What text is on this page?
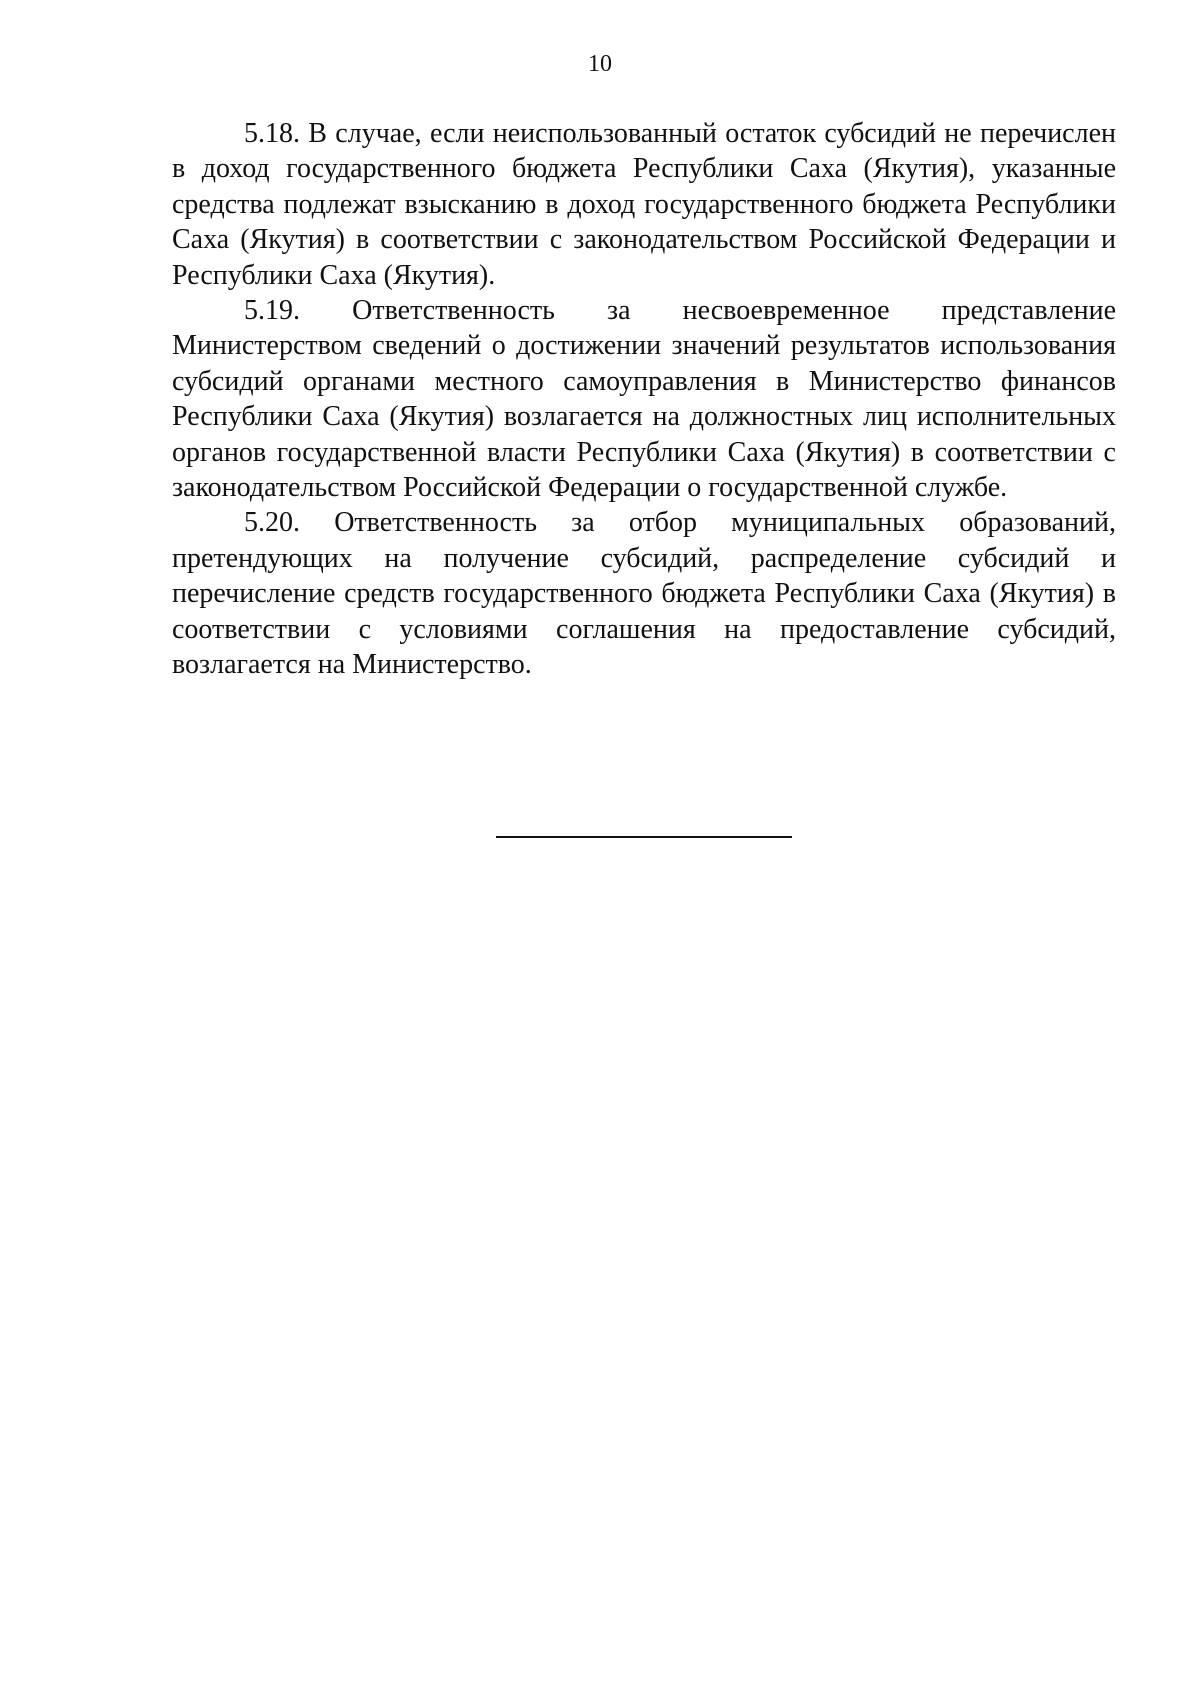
10

5.18. В случае, если неиспользованный остаток субсидий не перечислен в доход государственного бюджета Республики Саха (Якутия), указанные средства подлежат взысканию в доход государственного бюджета Республики Саха (Якутия) в соответствии с законодательством Российской Федерации и Республики Саха (Якутия).

5.19. Ответственность за несвоевременное представление Министерством сведений о достижении значений результатов использования субсидий органами местного самоуправления в Министерство финансов Республики Саха (Якутия) возлагается на должностных лиц исполнительных органов государственной власти Республики Саха (Якутия) в соответствии с законодательством Российской Федерации о государственной службе.

5.20. Ответственность за отбор муниципальных образований, претендующих на получение субсидий, распределение субсидий и перечисление средств государственного бюджета Республики Саха (Якутия) в соответствии с условиями соглашения на предоставление субсидий, возлагается на Министерство.
